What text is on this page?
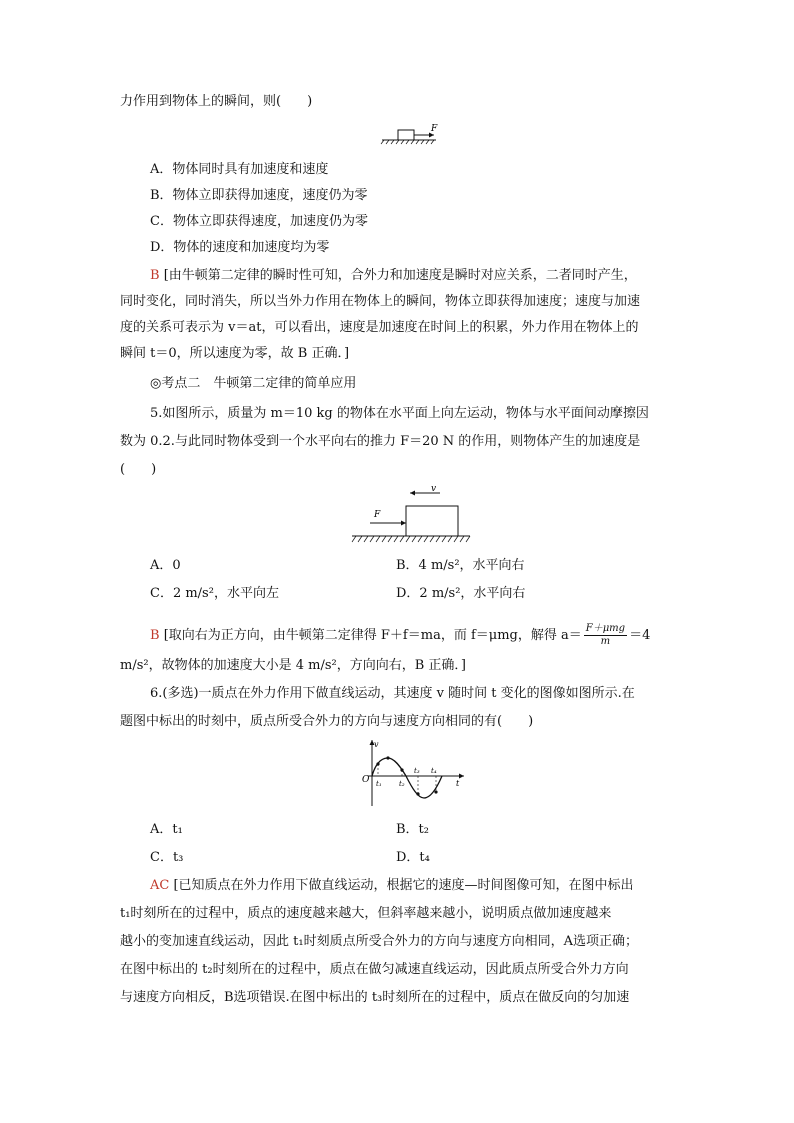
力作用到物体上的瞬间，则(　　)
F
A．物体同时具有加速度和速度
B．物体立即获得加速度，速度仍为零
C．物体立即获得速度，加速度仍为零
D．物体的速度和加速度均为零
B [由牛顿第二定律的瞬时性可知，合外力和加速度是瞬时对应关系，二者同时产生，
同时变化，同时消失，所以当外力作用在物体上的瞬间，物体立即获得加速度；速度与加速
度的关系可表示为 v＝at，可以看出，速度是加速度在时间上的积累，外力作用在物体上的
瞬间 t＝0，所以速度为零，故 B 正确．]
◎考点二　牛顿第二定律的简单应用
5.如图所示，质量为 m＝10 kg 的物体在水平面上向左运动，物体与水平面间动摩擦因
数为 0.2.与此同时物体受到一个水平向右的推力 F＝20 N 的作用，则物体产生的加速度是
(　　)
v
F
A．0	B．4 m/s²，水平向右
C．2 m/s²，水平向左	D．2 m/s²，水平向右
B [取向右为正方向，由牛顿第二定律得 F＋f＝ma，而 f＝μmg，解得 $a= \frac{\text{F＋μmg}}{m} =4$
m/s²，故物体的加速度大小是 4 m/s²，方向向右，B 正确．]
6.(多选)一质点在外力作用下做直线运动，其速度 v 随时间 t 变化的图像如图所示.在
题图中标出的时刻中，质点所受合外力的方向与速度方向相同的有(　　)
v
t
O t₁ t₂
t₃ t₄
A．t₁	B．t₂
C．t₃	D．t₄
AC [已知质点在外力作用下做直线运动，根据它的速度—时间图像可知，在图中标出
t₁时刻所在的过程中，质点的速度越来越大，但斜率越来越小，说明质点做加速度越来
越小的变加速直线运动，因此 t₁时刻质点所受合外力的方向与速度方向相同，A选项正确；
在图中标出的 t₂时刻所在的过程中，质点在做匀减速直线运动，因此质点所受合外力方向
与速度方向相反，B选项错误.在图中标出的 t₃时刻所在的过程中，质点在做反向的匀加速
